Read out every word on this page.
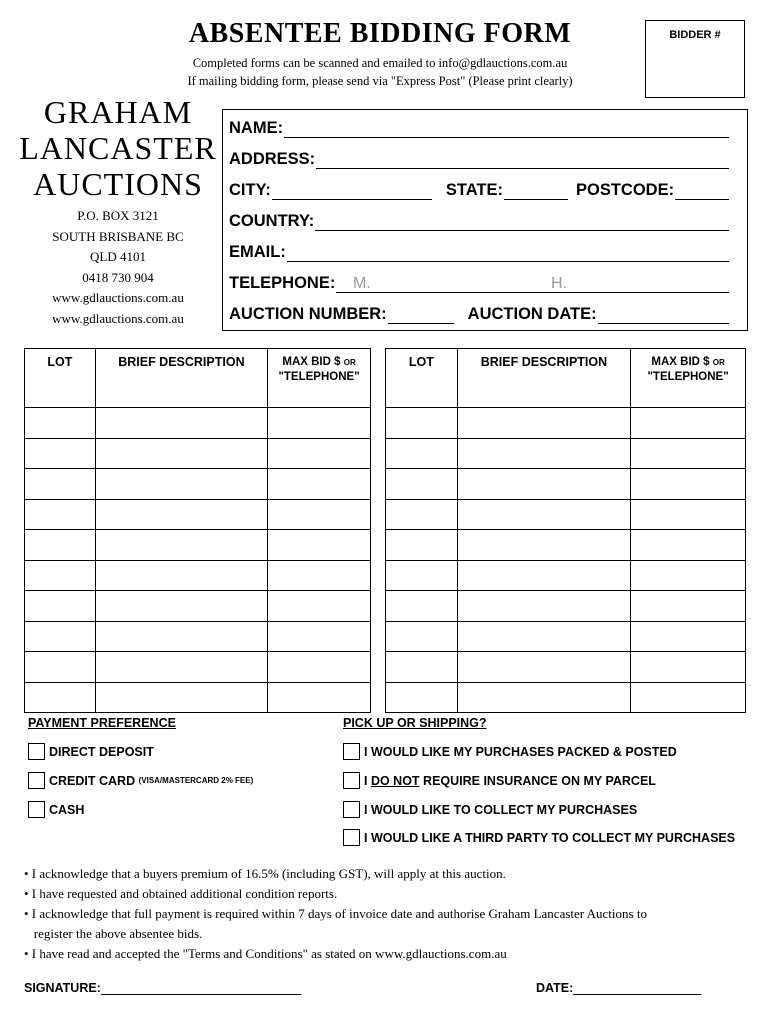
ABSENTEE BIDDING FORM
Completed forms can be scanned and emailed to info@gdlauctions.com.au
If mailing bidding form, please send via "Express Post" (Please print clearly)
BIDDER #
GRAHAM
LANCASTER
AUCTIONS
P.O. BOX 3121
SOUTH BRISBANE BC
QLD 4101
0418 730 904
www.gdlauctions.com.au
www.gdlauctions.com.au
NAME:
ADDRESS:
CITY:	STATE:	POSTCODE:
COUNTRY:
EMAIL:
TELEPHONE: M.	H.
AUCTION NUMBER:	AUCTION DATE:
LOT	BRIEF DESCRIPTION	MAX BID $ OR
"TELEPHONE"

LOT	BRIEF DESCRIPTION	MAX BID $ OR
"TELEPHONE"

PAYMENT PREFERENCE
DIRECT DEPOSIT
CREDIT CARD
(VISA/MASTERCARD 2% FEE)
CASH
PICK UP OR SHIPPING?
I WOULD LIKE MY PURCHASES PACKED & POSTED
I DO NOT REQUIRE INSURANCE ON MY PARCEL
I WOULD LIKE TO COLLECT MY PURCHASES
I WOULD LIKE A THIRD PARTY TO COLLECT MY PURCHASES
• I acknowledge that a buyers premium of 16.5% (including GST), will apply at this auction.
• I have requested and obtained additional condition reports.
• I acknowledge that full payment is required within 7 days of invoice date and authorise Graham Lancaster Auctions to
register the above absentee bids.
• I have read and accepted the "Terms and Conditions" as stated on www.gdlauctions.com.au
SIGNATURE:	DATE:
